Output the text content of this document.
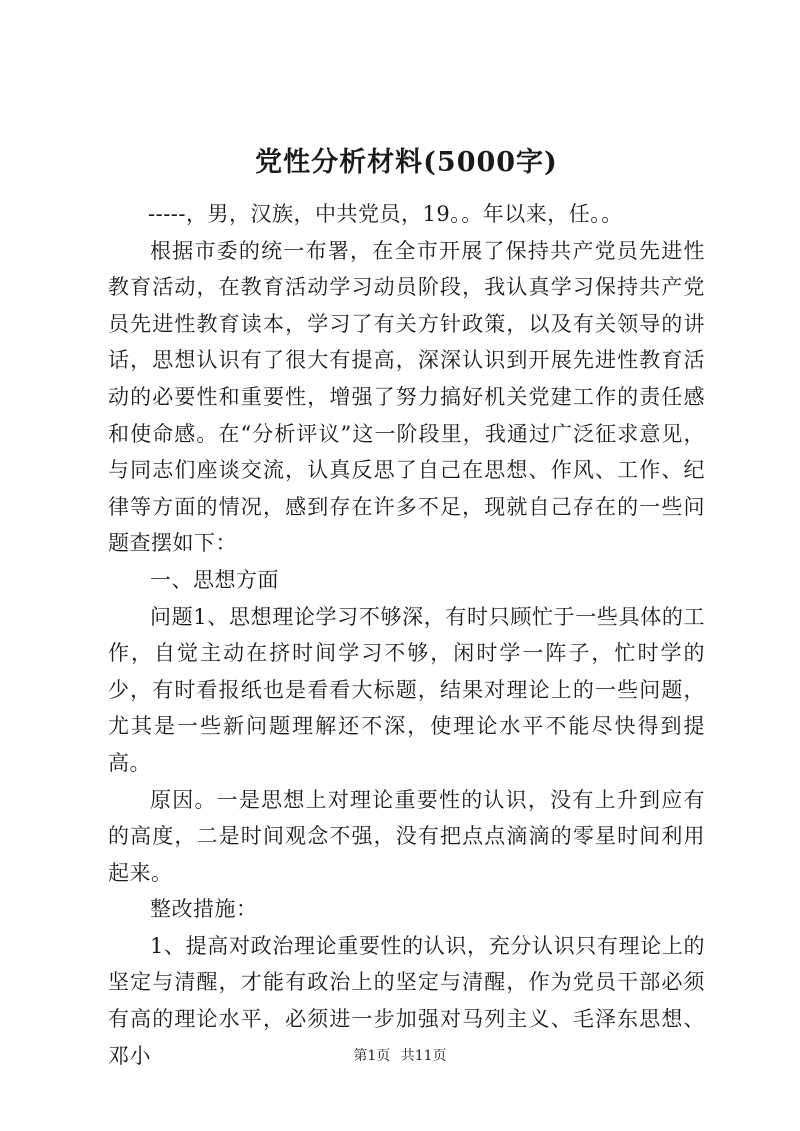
党性分析材料(5000字)

-----，男，汉族，中共党员，19。。年以来，任。。

根据市委的统一布署，在全市开展了保持共产党员先进性教育活动，在教育活动学习动员阶段，我认真学习保持共产党员先进性教育读本，学习了有关方针政策，以及有关领导的讲话，思想认识有了很大有提高，深深认识到开展先进性教育活动的必要性和重要性，增强了努力搞好机关党建工作的责任感和使命感。在“分析评议”这一阶段里，我通过广泛征求意见，与同志们座谈交流，认真反思了自己在思想、作风、工作、纪律等方面的情况，感到存在许多不足，现就自己存在的一些问题查摆如下：

一、思想方面

问题1、思想理论学习不够深，有时只顾忙于一些具体的工作，自觉主动在挤时间学习不够，闲时学一阵子，忙时学的少，有时看报纸也是看看大标题，结果对理论上的一些问题，尤其是一些新问题理解还不深，使理论水平不能尽快得到提高。

原因。一是思想上对理论重要性的认识，没有上升到应有的高度，二是时间观念不强，没有把点点滴滴的零星时间利用起来。

整改措施：

1、提高对政治理论重要性的认识，充分认识只有理论上的坚定与清醒，才能有政治上的坚定与清醒，作为党员干部必须有高的理论水平，必须进一步加强对马列主义、毛泽东思想、邓小	第1页 共11页
